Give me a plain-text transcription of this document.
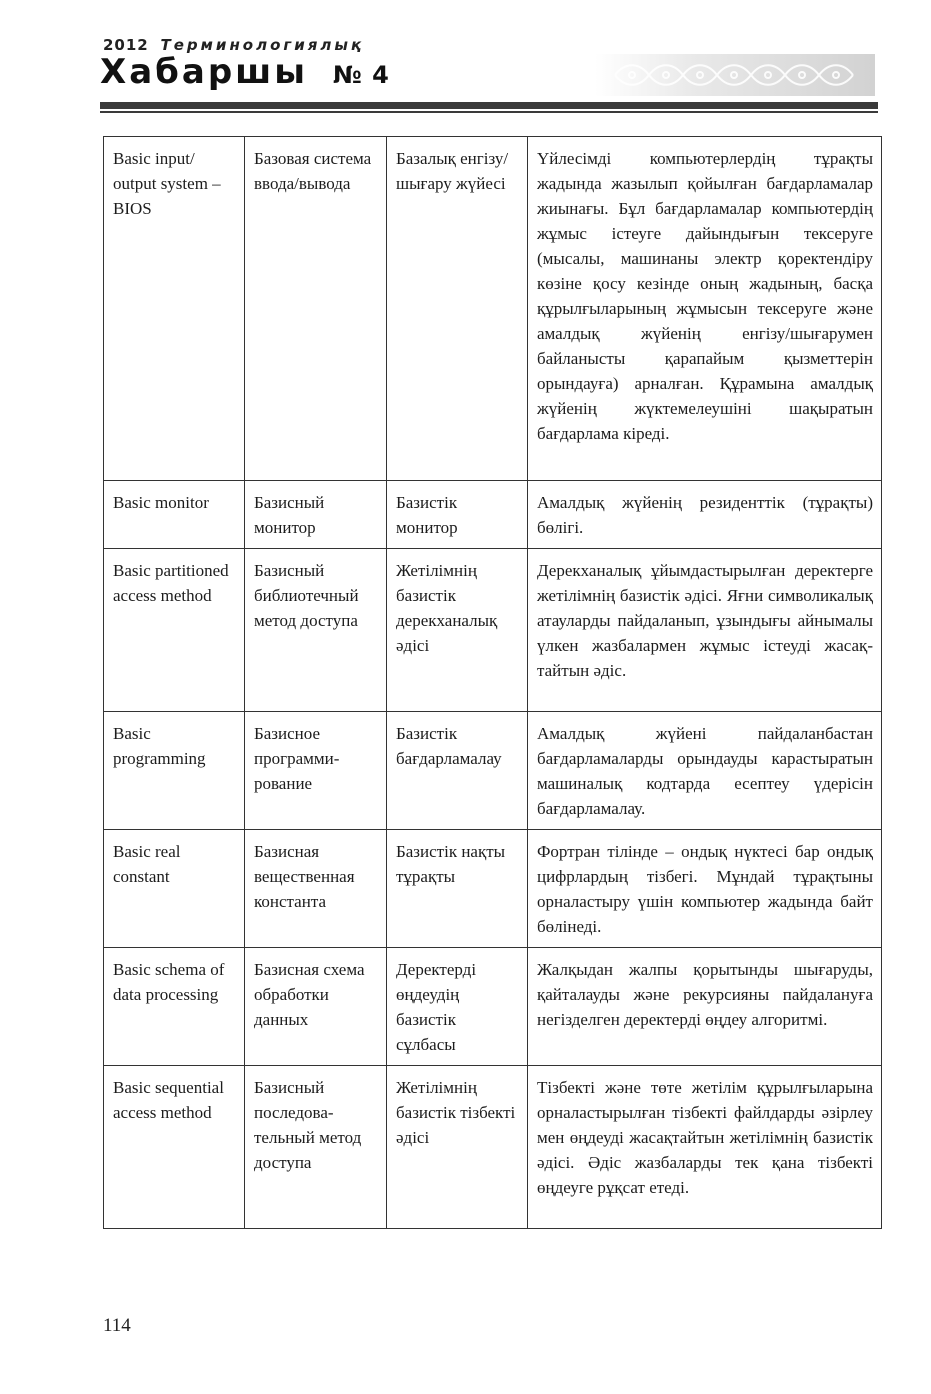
2012 Терминологиялық
Хабаршы № 4
Basic input/ output system – BIOS	Базовая система ввода/вывода	Базалық енгізу/ шығару жүйесі	Үйлесімді компьютерлердің тұрақты жадында жазылып қойылған бағдарламалар жиынағы. Бұл бағдарламалар компьютердің жұмыс істеуге дайындығын тексеруге (мысалы, машинаны электр қоректендіру көзіне қосу кезінде оның жадының, басқа құрылғыларының жұмысын тексеруге және амалдық жүйенің енгізу/шығарумен байланысты қарапайым қызметтерін орындауға) арналған. Құрамына амалдық жүйенің жүктемелеушіні шақыратын бағдарлама кіреді.
Basic monitor	Базисный монитор	Базистік монитор	Амалдық жүйенің резиденттік (тұрақты) бөлігі.
Basic partitioned access method	Базисный библиотечный метод доступа	Жетілімнің базистік дерекханалық әдісі	Дерекханалық ұйымдастырылған деректерге жетілімнің базистік әдісі. Яғни символикалық атауларды пайдаланып, ұзындығы айнымалы үлкен жазбалармен жұмыс істеуді жасақтайтын әдіс.
Basic programming	Базисное программирование	Базистік бағдарламалау	Амалдық жүйені пайдаланбастан бағдарламаларды орындауды карастыратын машиналық кодтарда есептеу үдерісін бағдарламалау.
Basic real constant	Базисная вещественная константа	Базистік нақты тұрақты	Фортран тілінде – ондық нүктесі бар ондық цифрлардың тізбегі. Мұндай тұрақтыны орналастыру үшін компьютер жадында байт бөлінеді.
Basic schema of data processing	Базисная схема обработки данных	Деректерді өңдеудің базистік сұлбасы	Жалқыдан жалпы қорытынды шығаруды, қайталауды және рекурсияны пайдалануға негізделген деректерді өңдеу алгоритмі.
Basic sequential access method	Базисный последовательный метод доступа	Жетілімнің базистік тізбекті әдісі	Тізбекті және төте жетілім құрылғыларына орналастырылған тізбекті файлдарды әзірлеу мен өңдеуді жасақтайтын жетілімнің базистік әдісі. Әдіс жазбаларды тек қана тізбекті өңдеуге рұқсат етеді.
114
